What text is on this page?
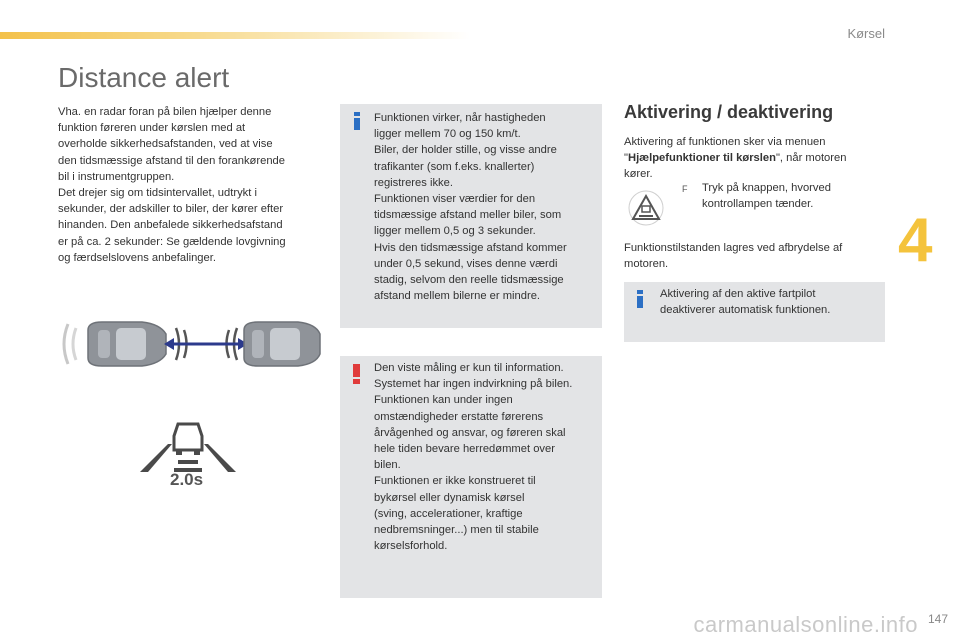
Kørsel
4
Distance alert
Vha. en radar foran på bilen hjælper denne
funktion føreren under kørslen med at
overholde sikkerhedsafstanden, ved at vise
den tidsmæssige afstand til den forankørende
bil i instrumentgruppen.
Det drejer sig om tidsintervallet, udtrykt i
sekunder, der adskiller to biler, der kører efter
hinanden. Den anbefalede sikkerhedsafstand
er på ca. 2 sekunder: Se gældende lovgivning
og færdselslovens anbefalinger.
2.0s
Funktionen virker, når hastigheden
ligger mellem 70 og 150 km/t.
Biler, der holder stille, og visse andre
trafikanter (som f.eks. knallerter)
registreres ikke.
Funktionen viser værdier for den
tidsmæssige afstand meller biler, som
ligger mellem 0,5 og 3 sekunder.
Hvis den tidsmæssige afstand kommer
under 0,5 sekund, vises denne værdi
stadig, selvom den reelle tidsmæssige
afstand mellem bilerne er mindre.
Den viste måling er kun til information.
Systemet har ingen indvirkning på bilen.
Funktionen kan under ingen
omstændigheder erstatte førerens
årvågenhed og ansvar, og føreren skal
hele tiden bevare herredømmet over
bilen.
Funktionen er ikke konstrueret til
bykørsel eller dynamisk kørsel
(sving, accelerationer, kraftige
nedbremsninger...) men til stabile
kørselsforhold.
Aktivering / deaktivering
Aktivering af funktionen sker via menuen
"Hjælpefunktioner til kørslen", når motoren
kører.
F Tryk på knappen, hvorved
kontrollampen tænder.
Funktionstilstanden lagres ved afbrydelse af
motoren.
Aktivering af den aktive fartpilot
deaktiverer automatisk funktionen.
carmanualsonline.info 147
